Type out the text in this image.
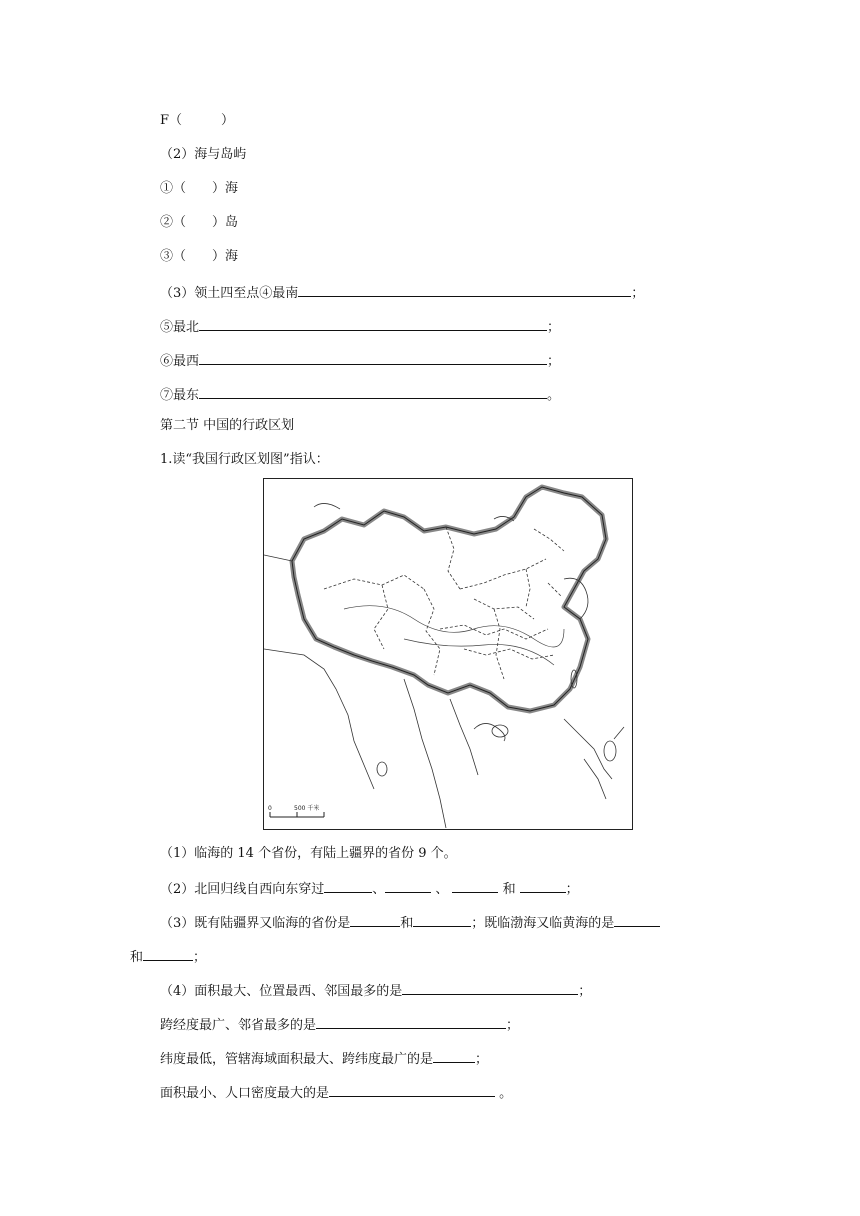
F（　　　）
（2）海与岛屿
①（　　）海
②（　　）岛
③（　　）海
（3）领土四至点④最南	；
⑤最北	；
⑥最西	；
⑦最东	。
第二节 中国的行政区划
1.读“我国行政区划图”指认：
0	500 千米
（1）临海的 14 个省份，有陆上疆界的省份 9 个。
（2）北回归线自西向东穿过	、	、	和	；
（3）既有陆疆界又临海的省份是	和	；既临渤海又临黄海的是
和	；
（4）面积最大、位置最西、邻国最多的是	；
跨经度最广、邻省最多的是	；
纬度最低，管辖海域面积最大、跨纬度最广的是	；
面积最小、人口密度最大的是	。
